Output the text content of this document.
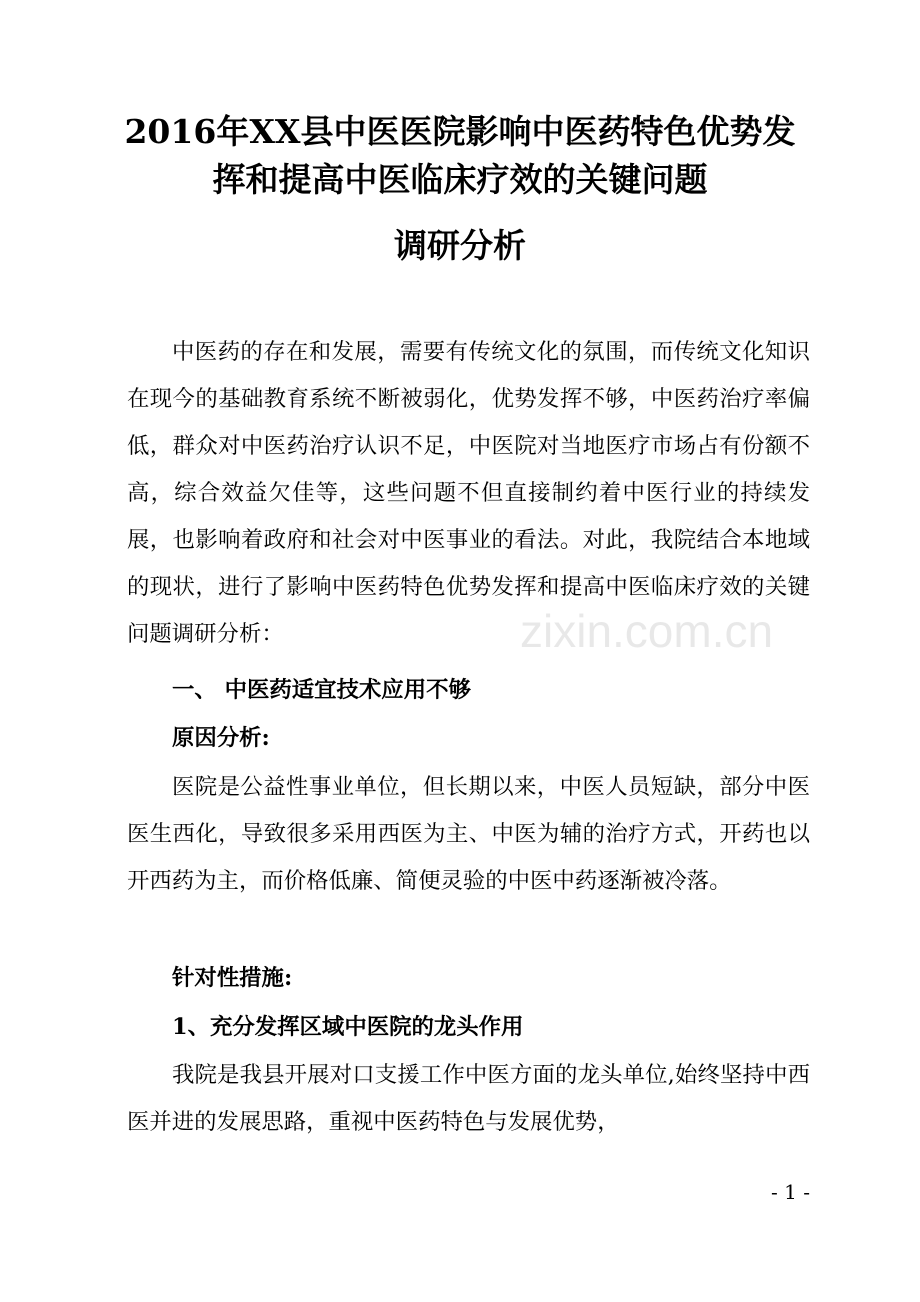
2016年XX县中医医院影响中医药特色优势发
挥和提高中医临床疗效的关键问题
调研分析
中医药的存在和发展，需要有传统文化的氛围，而传统文化知识在现今的基础教育系统不断被弱化，优势发挥不够，中医药治疗率偏低，群众对中医药治疗认识不足，中医院对当地医疗市场占有份额不高，综合效益欠佳等，这些问题不但直接制约着中医行业的持续发展，也影响着政府和社会对中医事业的看法。对此，我院结合本地域的现状，进行了影响中医药特色优势发挥和提高中医临床疗效的关键问题调研分析：
一、 中医药适宜技术应用不够
原因分析:
医院是公益性事业单位，但长期以来，中医人员短缺，部分中医医生西化，导致很多采用西医为主、中医为辅的治疗方式，开药也以开西药为主，而价格低廉、简便灵验的中医中药逐渐被冷落。
针对性措施:
1、充分发挥区域中医院的龙头作用
我院是我县开展对口支援工作中医方面的龙头单位,始终坚持中西医并进的发展思路，重视中医药特色与发展优势，
zixin.com.cn
- 1 -
